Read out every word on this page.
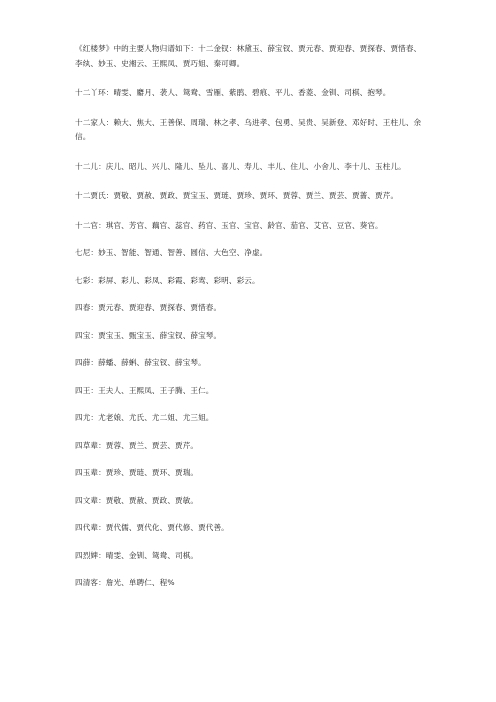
《红楼梦》中的主要人物归谱如下：十二金钗：林黛玉、薛宝钗、贾元春、贾迎春、贾探春、贾惜春、李纨、妙玉、史湘云、王熙凤、贾巧姐、秦可卿。

十二丫环：晴雯、麝月、袭人、鸳鸯、雪雁、紫鹃、碧痕、平儿、香菱、金钏、司棋、抱琴。

十二家人：赖大、焦大、王善保、周瑞、林之孝、乌进孝、包勇、吴贵、吴新登、邓好时、王柱儿、余信。

十二儿：庆儿、昭儿、兴儿、隆儿、坠儿、喜儿、寿儿、丰儿、住儿、小舍儿、李十儿、玉柱儿。

十二贾氏：贾敬、贾赦、贾政、贾宝玉、贾琏、贾珍、贾环、贾蓉、贾兰、贾芸、贾蔷、贾芹。

十二官：琪官、芳官、藕官、蕊官、药官、玉官、宝官、龄官、茄官、艾官、豆官、葵官。

七尼：妙玉、智能、智通、智善、圆信、大色空、净虚。

七彩：彩屏、彩儿、彩凤、彩霞、彩鸾、彩明、彩云。

四春：贾元春、贾迎春、贾探春、贾惜春。

四宝：贾宝玉、甄宝玉、薛宝钗、薛宝琴。

四薛：薛蟠、薛蝌、薛宝钗、薛宝琴。

四王：王夫人、王熙凤、王子腾、王仁。

四尤：尤老娘、尤氏、尤二姐、尤三姐。

四草辈：贾蓉、贾兰、贾芸、贾芹。

四玉辈：贾珍、贾琏、贾环、贾瑞。

四文辈：贾敬、贾赦、贾政、贾敏。

四代辈：贾代儒、贾代化、贾代修、贾代善。

四烈婢：晴雯、金钏、鸳鸯、司棋。

四清客：詹光、单聘仁、程%
